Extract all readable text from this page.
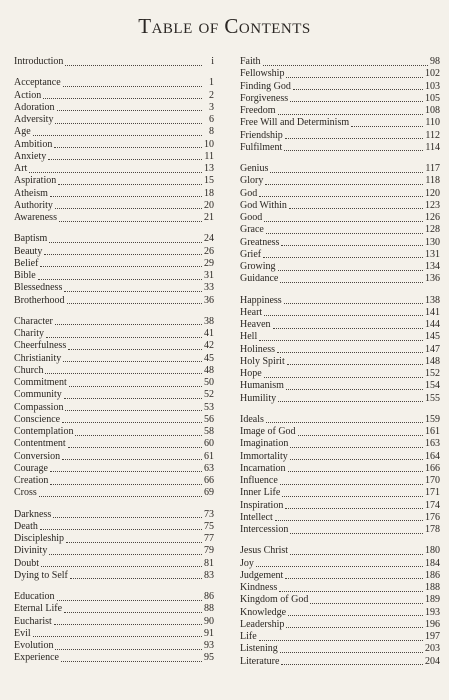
Table of Contents
Introduction	i
Acceptance	1
Action	2
Adoration	3
Adversity	6
Age	8
Ambition	10
Anxiety	11
Art	13
Aspiration	15
Atheism	18
Authority	20
Awareness	21
Baptism	24
Beauty	26
Belief	29
Bible	31
Blessedness	33
Brotherhood	36
Character	38
Charity	41
Cheerfulness	42
Christianity	45
Church	48
Commitment	50
Community	52
Compassion	53
Conscience	56
Contemplation	58
Contentment	60
Conversion	61
Courage	63
Creation	66
Cross	69
Darkness	73
Death	75
Discipleship	77
Divinity	79
Doubt	81
Dying to Self	83
Education	86
Eternal Life	88
Eucharist	90
Evil	91
Evolution	93
Experience	95
Faith	98
Fellowship	102
Finding God	103
Forgiveness	105
Freedom	108
Free Will and Determinism	110
Friendship	112
Fulfilment	114
Genius	117
Glory	118
God	120
God Within	123
Good	126
Grace	128
Greatness	130
Grief	131
Growing	134
Guidance	136
Happiness	138
Heart	141
Heaven	144
Hell	145
Holiness	147
Holy Spirit	148
Hope	152
Humanism	154
Humility	155
Ideals	159
Image of God	161
Imagination	163
Immortality	164
Incarnation	166
Influence	170
Inner Life	171
Inspiration	174
Intellect	176
Intercession	178
Jesus Christ	180
Joy	184
Judgement	186
Kindness	188
Kingdom of God	189
Knowledge	193
Leadership	196
Life	197
Listening	203
Literature	204
